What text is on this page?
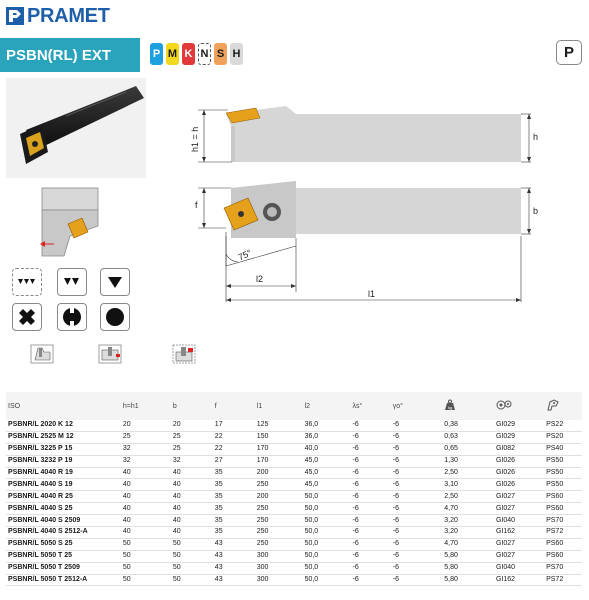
PRAMET
PSBN(RL) EXT	P M K N S H	P
h1 = h	h
f
b
75°
l2
l1
ISO	h=h1	b	f	l1	l2	λs°	γo°	kg

PSBNR/L 2020 K 12	20	20	17	125	36,0	-6	-6	0,38	GI029	PS22
PSBNR/L 2525 M 12	25	25	22	150	36,0	-6	-6	0,63	GI029	PS20
PSBNR/L 3225 P 15	32	25	22	170	40,0	-6	-6	0,65	GI082	PS40
PSBNR/L 3232 P 19	32	32	27	170	45,0	-6	-6	1,30	GI026	PS50
PSBNR/L 4040 R 19	40	40	35	200	45,0	-6	-6	2,50	GI026	PS50
PSBNR/L 4040 S 19	40	40	35	250	45,0	-6	-6	3,10	GI026	PS50
PSBNR/L 4040 R 25	40	40	35	200	50,0	-6	-6	2,50	GI027	PS60
PSBNR/L 4040 S 25	40	40	35	250	50,0	-6	-6	4,70	GI027	PS60
PSBNR/L 4040 S 2509	40	40	35	250	50,0	-6	-6	3,20	GI040	PS70
PSBNR/L 4040 S 2512-A	40	40	35	250	50,0	-6	-6	3,20	GI162	PS72
PSBNR/L 5050 S 25	50	50	43	250	50,0	-6	-6	4,70	GI027	PS60
PSBNR/L 5050 T 25	50	50	43	300	50,0	-6	-6	5,80	GI027	PS60
PSBNR/L 5050 T 2509	50	50	43	300	50,0	-6	-6	5,80	GI040	PS70
PSBNR/L 5050 T 2512-A	50	50	43	300	50,0	-6	-6	5,80	GI162	PS72
